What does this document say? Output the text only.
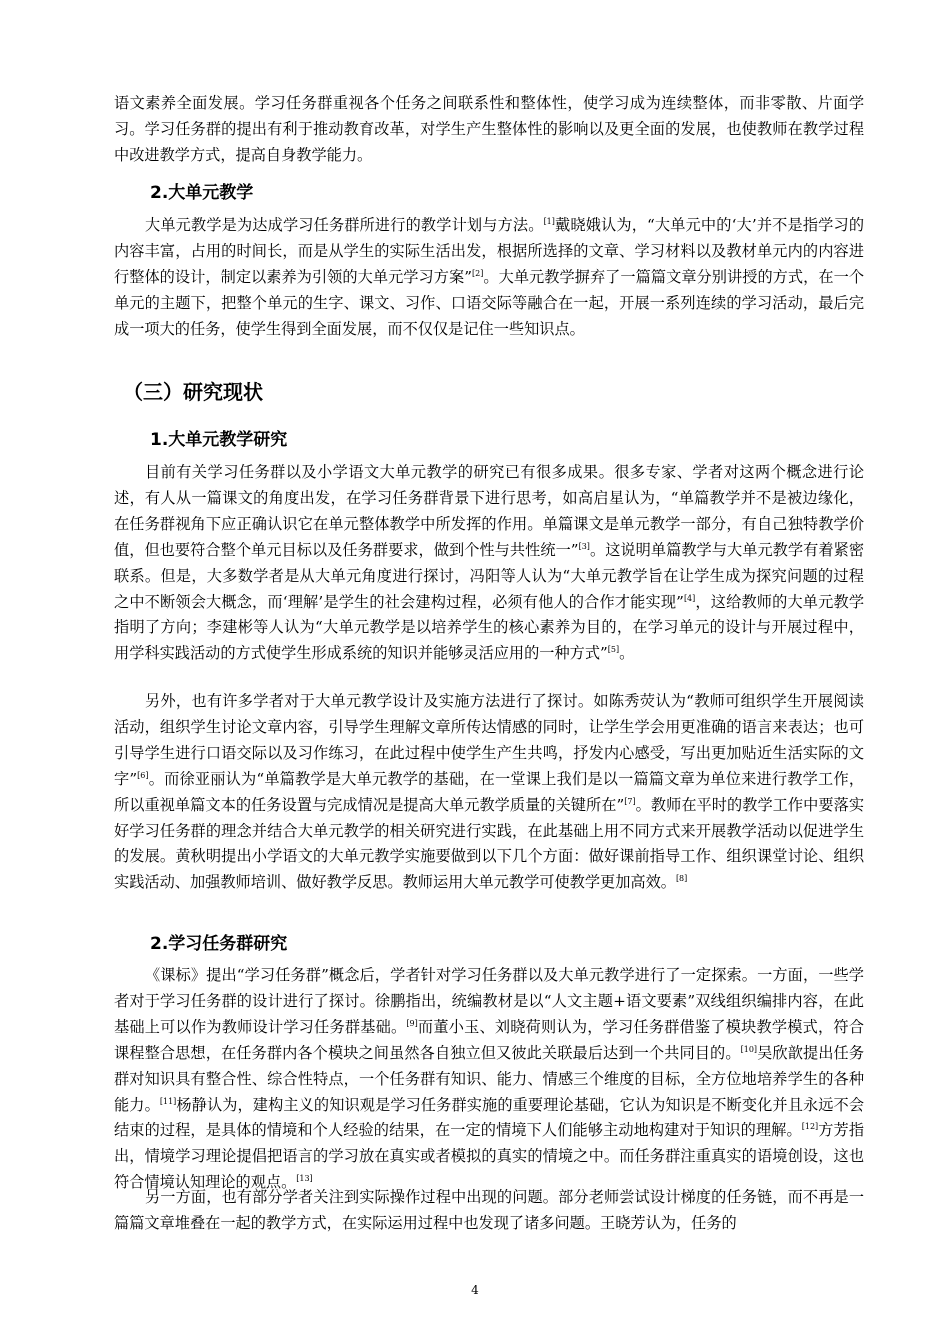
语文素养全面发展。学习任务群重视各个任务之间联系性和整体性，使学习成为连续整体，而非零散、片面学习。学习任务群的提出有利于推动教育改革，对学生产生整体性的影响以及更全面的发展，也使教师在教学过程中改进教学方式，提高自身教学能力。

2.大单元教学

大单元教学是为达成学习任务群所进行的教学计划与方法。[1]戴晓娥认为，“大单元中的‘大’并不是指学习的内容丰富，占用的时间长，而是从学生的实际生活出发，根据所选择的文章、学习材料以及教材单元内的内容进行整体的设计，制定以素养为引领的大单元学习方案”[2]。大单元教学摒弃了一篇篇文章分别讲授的方式，在一个单元的主题下，把整个单元的生字、课文、习作、口语交际等融合在一起，开展一系列连续的学习活动，最后完成一项大的任务，使学生得到全面发展，而不仅仅是记住一些知识点。

（三）研究现状
1.大单元教学研究

目前有关学习任务群以及小学语文大单元教学的研究已有很多成果。很多专家、学者对这两个概念进行论述，有人从一篇课文的角度出发，在学习任务群背景下进行思考，如高启星认为，“单篇教学并不是被边缘化，在任务群视角下应正确认识它在单元整体教学中所发挥的作用。单篇课文是单元教学一部分，有自己独特教学价值，但也要符合整个单元目标以及任务群要求，做到个性与共性统一”[3]。这说明单篇教学与大单元教学有着紧密联系。但是，大多数学者是从大单元角度进行探讨，冯阳等人认为“大单元教学旨在让学生成为探究问题的过程之中不断领会大概念，而‘理解’是学生的社会建构过程，必须有他人的合作才能实现”[4]，这给教师的大单元教学指明了方向；李建彬等人认为“大单元教学是以培养学生的核心素养为目的，在学习单元的设计与开展过程中，用学科实践活动的方式使学生形成系统的知识并能够灵活应用的一种方式”[5]。

另外，也有许多学者对于大单元教学设计及实施方法进行了探讨。如陈秀荧认为“教师可组织学生开展阅读活动，组织学生讨论文章内容，引导学生理解文章所传达情感的同时，让学生学会用更准确的语言来表达；也可引导学生进行口语交际以及习作练习，在此过程中使学生产生共鸣，抒发内心感受，写出更加贴近生活实际的文字”[6]。而徐亚丽认为“单篇教学是大单元教学的基础，在一堂课上我们是以一篇篇文章为单位来进行教学工作，所以重视单篇文本的任务设置与完成情况是提高大单元教学质量的关键所在”[7]。教师在平时的教学工作中要落实好学习任务群的理念并结合大单元教学的相关研究进行实践，在此基础上用不同方式来开展教学活动以促进学生的发展。黄秋明提出小学语文的大单元教学实施要做到以下几个方面：做好课前指导工作、组织课堂讨论、组织实践活动、加强教师培训、做好教学反思。教师运用大单元教学可使教学更加高效。[8]

2.学习任务群研究

《课标》提出“学习任务群”概念后，学者针对学习任务群以及大单元教学进行了一定探索。一方面，一些学者对于学习任务群的设计进行了探讨。徐鹏指出，统编教材是以“人文主题+语文要素”双线组织编排内容，在此基础上可以作为教师设计学习任务群基础。[9]而董小玉、刘晓荷则认为，学习任务群借鉴了模块教学模式，符合课程整合思想，在任务群内各个模块之间虽然各自独立但又彼此关联最后达到一个共同目的。[10]吴欣歆提出任务群对知识具有整合性、综合性特点，一个任务群有知识、能力、情感三个维度的目标，全方位地培养学生的各种能力。[11]杨静认为，建构主义的知识观是学习任务群实施的重要理论基础，它认为知识是不断变化并且永远不会结束的过程，是具体的情境和个人经验的结果，在一定的情境下人们能够主动地构建对于知识的理解。[12]方芳指出，情境学习理论提倡把语言的学习放在真实或者模拟的真实的情境之中。而任务群注重真实的语境创设，这也符合情境认知理论的观点。[13]

另一方面，也有部分学者关注到实际操作过程中出现的问题。部分老师尝试设计梯度的任务链，而不再是一篇篇文章堆叠在一起的教学方式，在实际运用过程中也发现了诸多问题。王晓芳认为，任务的

4
